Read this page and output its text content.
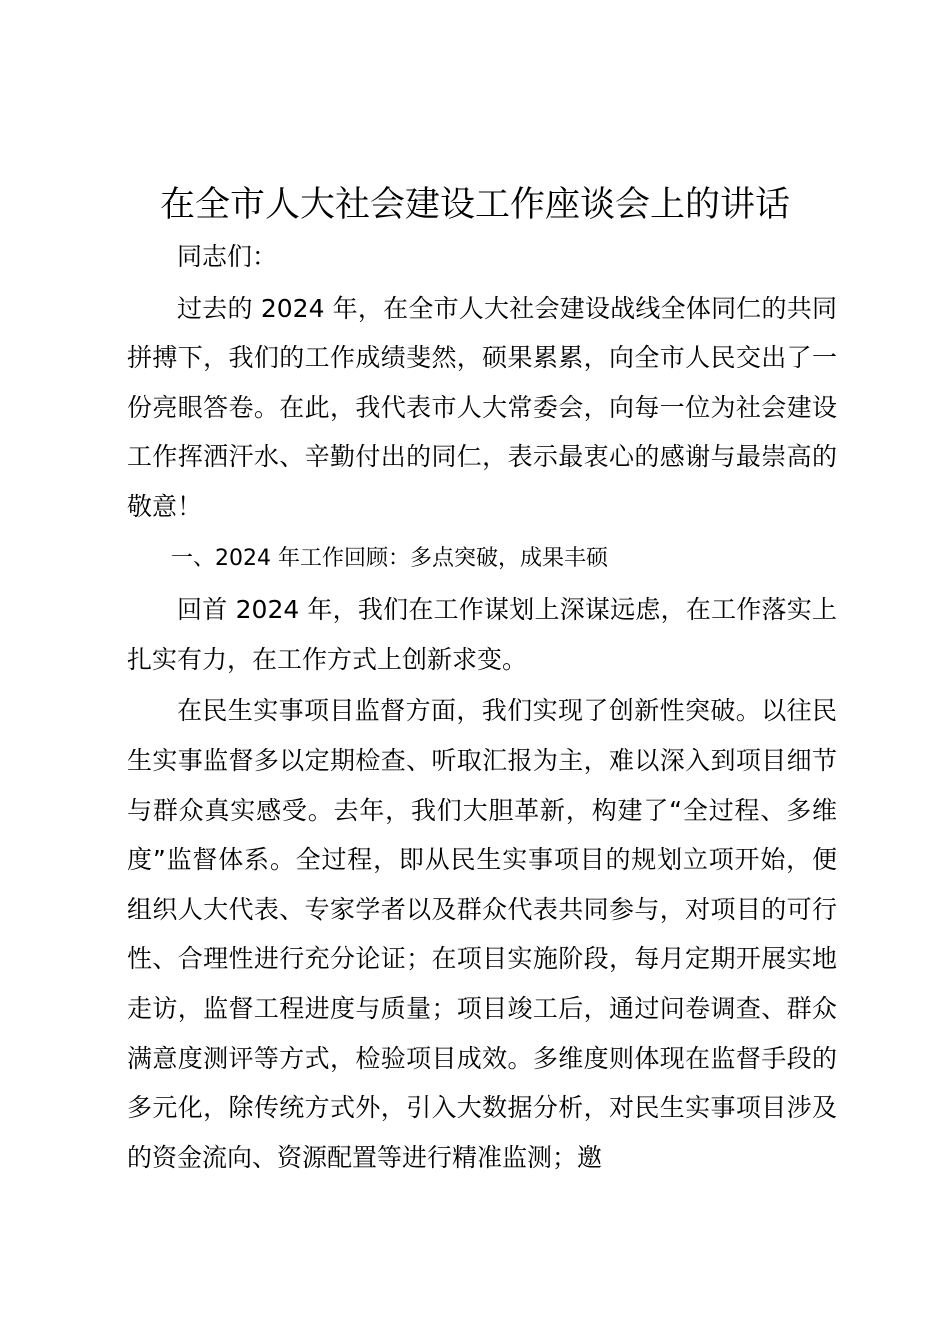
在全市人大社会建设工作座谈会上的讲话

同志们：

过去的 2024 年，在全市人大社会建设战线全体同仁的共同拼搏下，我们的工作成绩斐然，硕果累累，向全市人民交出了一份亮眼答卷。在此，我代表市人大常委会，向每一位为社会建设工作挥洒汗水、辛勤付出的同仁，表示最衷心的感谢与最崇高的敬意！

一、2024 年工作回顾：多点突破，成果丰硕

回首 2024 年，我们在工作谋划上深谋远虑，在工作落实上扎实有力，在工作方式上创新求变。

在民生实事项目监督方面，我们实现了创新性突破。以往民生实事监督多以定期检查、听取汇报为主，难以深入到项目细节与群众真实感受。去年，我们大胆革新，构建了“全过程、多维度”监督体系。全过程，即从民生实事项目的规划立项开始，便组织人大代表、专家学者以及群众代表共同参与，对项目的可行性、合理性进行充分论证；在项目实施阶段，每月定期开展实地走访，监督工程进度与质量；项目竣工后，通过问卷调查、群众满意度测评等方式，检验项目成效。多维度则体现在监督手段的多元化，除传统方式外，引入大数据分析，对民生实事项目涉及的资金流向、资源配置等进行精准监测；邀
